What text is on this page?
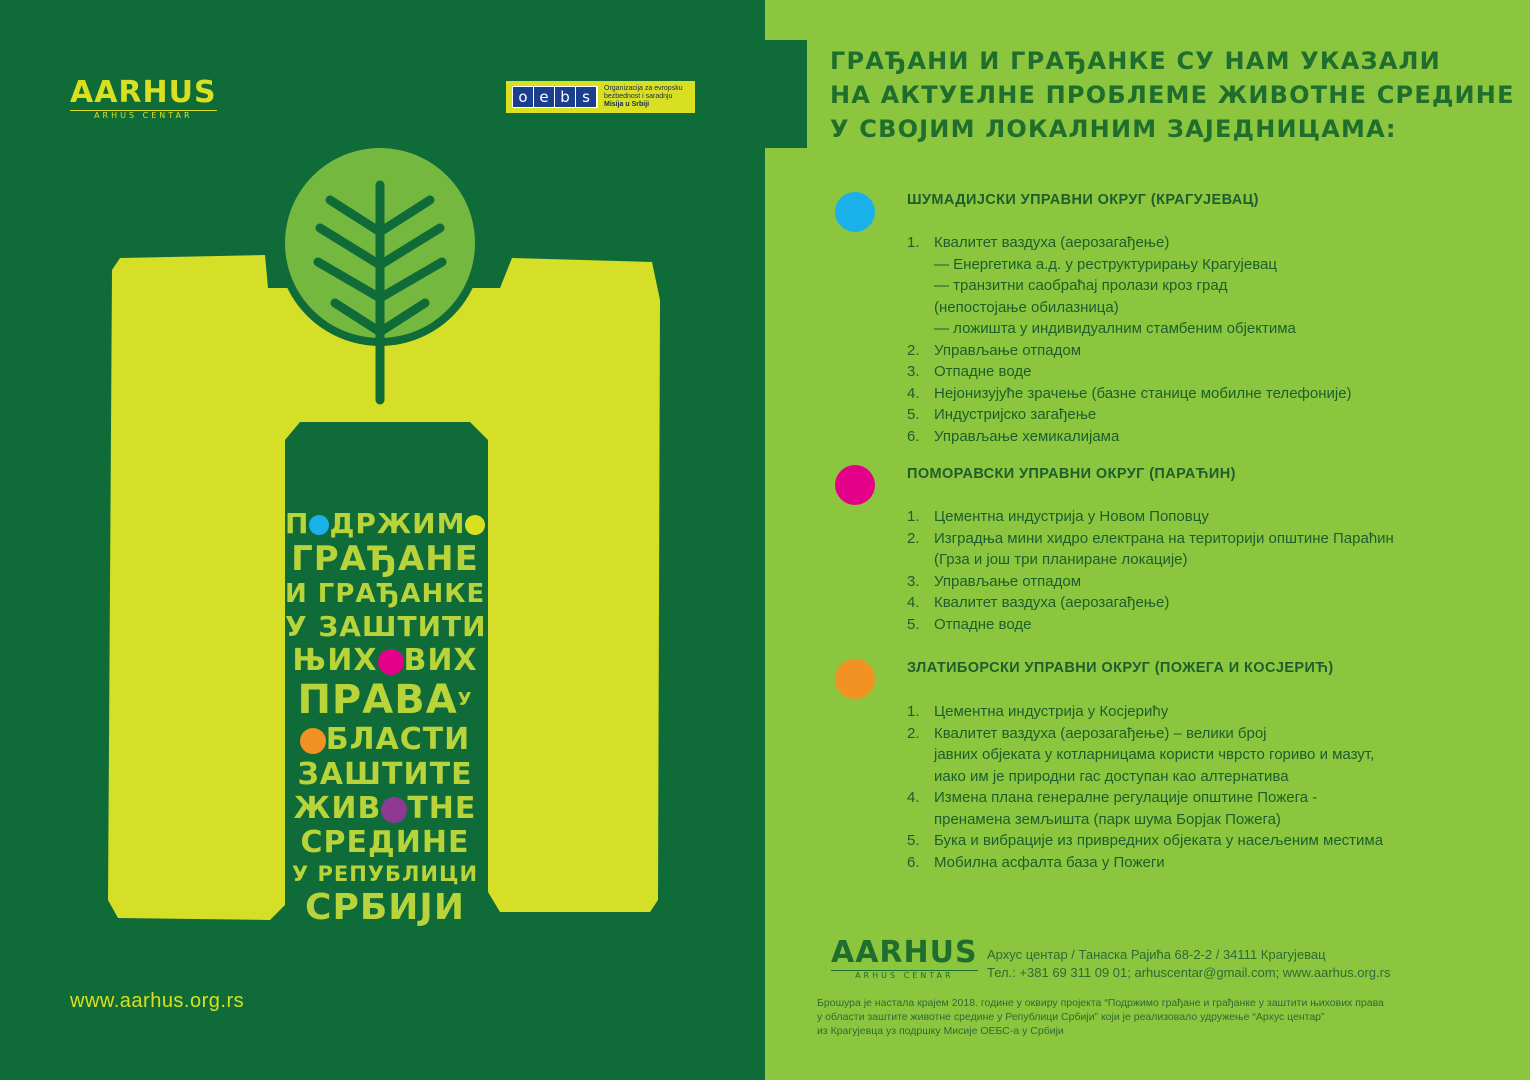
AARHUS
ARHUS CENTAR
o e b s	Organizacija za evropsku
bezbednost i saradnju
Misija u Srbiji
П ДРЖИМ
ГРАЂАНЕ
И ГРАЂАНКЕ
У ЗАШТИТИ
ЊИХ ВИХ
$ПРАВА^У$
БЛАСТИ
ЗАШТИТЕ
ЖИВ ТНЕ
СРЕДИНЕ
У РЕПУБЛИЦИ
СРБИЈИ
www.aarhus.org.rs
ГРАЂАНИ И ГРАЂАНКЕ СУ НАМ УКАЗАЛИ
НА АКТУЕЛНЕ ПРОБЛЕМЕ ЖИВОТНЕ СРЕДИНЕ
У СВОЈИМ ЛОКАЛНИМ ЗАЈЕДНИЦАМА:
ШУМАДИЈСКИ УПРАВНИ ОКРУГ (КРАГУЈЕВАЦ)
1. Квалитет ваздуха (аерозагађење)
— Енергетика а.д. у реструктурирању Крагујевац
— транзитни саобраћај пролази кроз град
(непостојање обилазница)
— ложишта у индивидуалним стамбеним објектима
2. Управљање отпадом
3. Отпадне воде
4. Нејонизујуће зрачење (базне станице мобилне телефоније)
5. Индустријско загађење
6. Управљање хемикалијама
ПОМОРАВСКИ УПРАВНИ ОКРУГ (ПАРАЋИН)
1. Цементна индустрија у Новом Поповцу
2. Изградња мини хидро електрана на територији општине Параћин
(Грза и још три планиране локације)
3. Управљање отпадом
4. Квалитет ваздуха (аерозагађење)
5. Отпадне воде
ЗЛАТИБОРСКИ УПРАВНИ ОКРУГ (ПОЖЕГА И КОСЈЕРИЋ)
1. Цементна индустрија у Косјерићу
2. Квалитет ваздуха (аерозагађење) – велики број
јавних објеката у котларницама користи чврсто гориво и мазут,
иако им је природни гас доступан као алтернатива
4. Измена плана генералне регулације општине Пожега -
пренамена земљишта (парк шума Борјак Пожега)
5. Бука и вибрације из привредних објеката у насељеним местима
6. Мобилна асфалта база у Пожеги
AARHUS
ARHUS CENTAR
Архус центар / Танаска Рајића 68-2-2 / 34111 Крагујевац
Тел.: +381 69 311 09 01; arhuscentar@gmail.com; www.aarhus.org.rs
Брошура је настала крајем 2018. године у оквиру пројекта “Подржимо грађане и грађанке у заштити њихових права
у области заштите животне средине у Републици Србији” који је реализовало удружење “Архус центар”
из Крагујевца уз подршку Мисије ОЕБС-а у Србији
